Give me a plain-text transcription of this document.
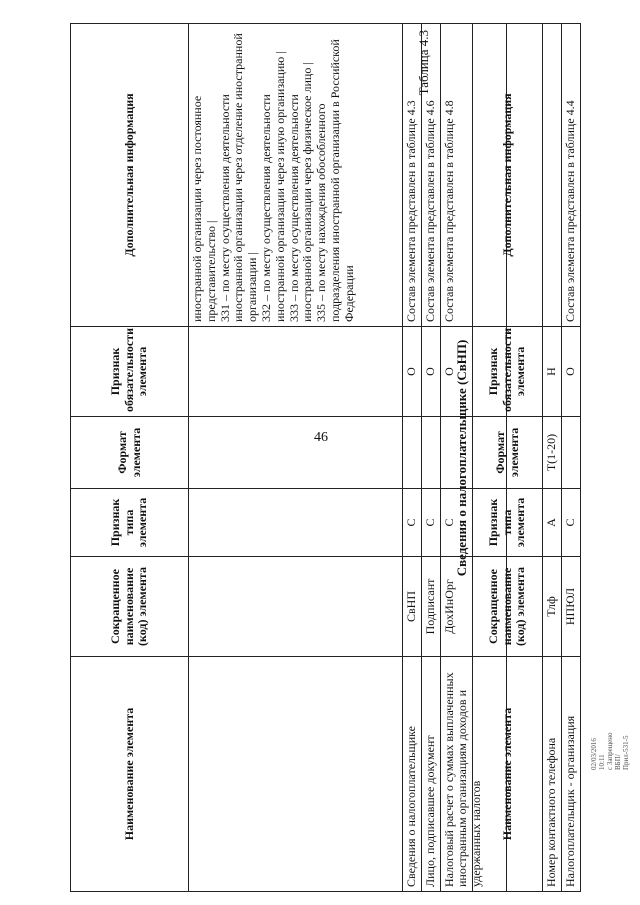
46
Наименование элемента	Сокращенное наименование (код) элемента	Признак типа элемента	Формат элемента	Признак обязательности элемента	Дополнительная информация
					иностранной организации через постоянное представительство |
331 – по месту осуществления деятельности иностранной организации через отделение иностранной организации |
332 – по месту осуществления деятельности иностранной организации через иную организацию |
333 – по месту осуществления деятельности иностранной организации через физическое лицо |
335 – по месту нахождения обособленного подразделения иностранной организации в Российской Федерации
Сведения о налогоплательщике	СвНП	С		О	Состав элемента представлен в таблице 4.3
Лицо, подписавшее документ	Подписант	С		О	Состав элемента представлен в таблице 4.6
Налоговый расчет о суммах выплаченных иностранным организациям доходов и удержанных налогов	ДохИнОрг	С		О	Состав элемента представлен в таблице 4.8
Таблица 4.3
Сведения о налогоплательщике (СвНП)
Наименование элемента	Сокращенное наименование (код) элемента	Признак типа элемента	Формат элемента	Признак обязательности элемента	Дополнительная информация
Номер контактного телефона	Тлф	А	T(1-20)	Н	
Налогоплательщик - организация	НПЮЛ	С		О	Состав элемента представлен в таблице 4.4
02/03/2016 10:11
с Запрещено ВБП/Прил-531-5
